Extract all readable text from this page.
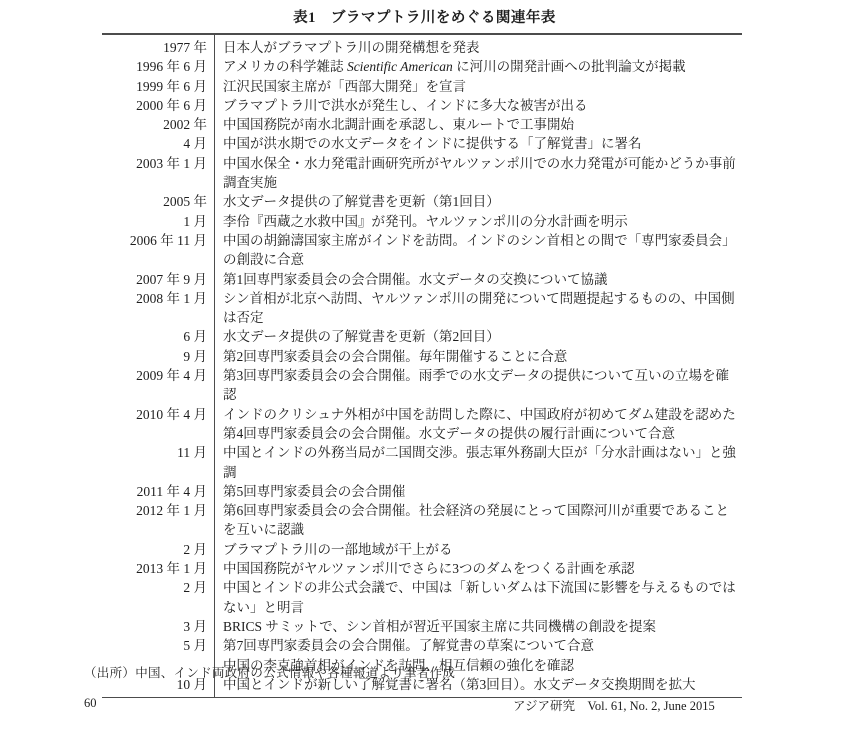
表1　ブラマプトラ川をめぐる関連年表
1977 年	日本人がブラマプトラ川の開発構想を発表
1996 年 6 月	アメリカの科学雑誌 Scientific American に河川の開発計画への批判論文が掲載
1999 年 6 月	江沢民国家主席が「西部大開発」を宣言
2000 年 6 月	ブラマプトラ川で洪水が発生し、インドに多大な被害が出る
2002 年	中国国務院が南水北調計画を承認し、東ルートで工事開始
4 月	中国が洪水期での水文データをインドに提供する「了解覚書」に署名
2003 年 1 月	中国水保全・水力発電計画研究所がヤルツァンポ川での水力発電が可能かどうか事前調査実施
2005 年	水文データ提供の了解覚書を更新（第1回目）
1 月	李伶『西蔵之水救中国』が発刊。ヤルツァンポ川の分水計画を明示
2006 年 11 月	中国の胡錦濤国家主席がインドを訪問。インドのシン首相との間で「専門家委員会」の創設に合意
2007 年 9 月	第1回専門家委員会の会合開催。水文データの交換について協議
2008 年 1 月	シン首相が北京へ訪問、ヤルツァンポ川の開発について問題提起するものの、中国側は否定
6 月	水文データ提供の了解覚書を更新（第2回目）
9 月	第2回専門家委員会の会合開催。毎年開催することに合意
2009 年 4 月	第3回専門家委員会の会合開催。雨季での水文データの提供について互いの立場を確認
2010 年 4 月	インドのクリシュナ外相が中国を訪問した際に、中国政府が初めてダム建設を認めた
第4回専門家委員会の会合開催。水文データの提供の履行計画について合意
11 月	中国とインドの外務当局が二国間交渉。張志軍外務副大臣が「分水計画はない」と強調
2011 年 4 月	第5回専門家委員会の会合開催
2012 年 1 月	第6回専門家委員会の会合開催。社会経済の発展にとって国際河川が重要であることを互いに認識
2 月	ブラマプトラ川の一部地域が干上がる
2013 年 1 月	中国国務院がヤルツァンポ川でさらに3つのダムをつくる計画を承認
2 月	中国とインドの非公式会議で、中国は「新しいダムは下流国に影響を与えるものではない」と明言
3 月	BRICS サミットで、シン首相が習近平国家主席に共同機構の創設を提案
5 月	第7回専門家委員会の会合開催。了解覚書の草案について合意
中国の李克強首相がインドを訪問、相互信頼の強化を確認
10 月	中国とインドが新しい了解覚書に署名（第3回目）。水文データ交換期間を拡大
（出所）中国、インド両政府の公式情報や各種報道より筆者作成
60	アジア研究　Vol. 61, No. 2, June 2015
